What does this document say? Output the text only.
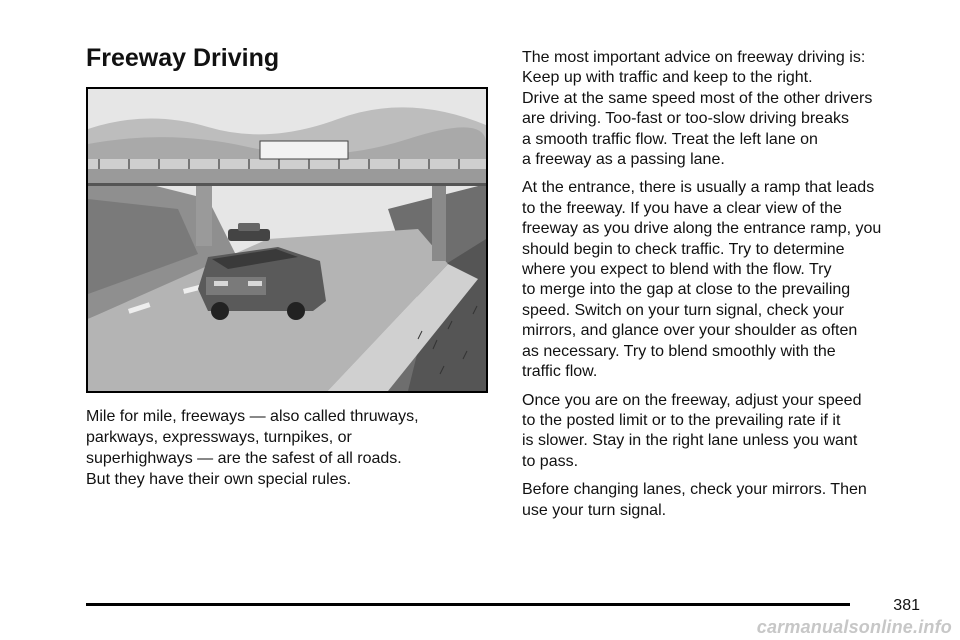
Freeway Driving

Mile for mile, freeways — also called thruways,
parkways, expressways, turnpikes, or
superhighways — are the safest of all roads.
But they have their own special rules.

The most important advice on freeway driving is:
Keep up with traffic and keep to the right.
Drive at the same speed most of the other drivers
are driving. Too-fast or too-slow driving breaks
a smooth traffic flow. Treat the left lane on
a freeway as a passing lane.

At the entrance, there is usually a ramp that leads
to the freeway. If you have a clear view of the
freeway as you drive along the entrance ramp, you
should begin to check traffic. Try to determine
where you expect to blend with the flow. Try
to merge into the gap at close to the prevailing
speed. Switch on your turn signal, check your
mirrors, and glance over your shoulder as often
as necessary. Try to blend smoothly with the
traffic flow.

Once you are on the freeway, adjust your speed
to the posted limit or to the prevailing rate if it
is slower. Stay in the right lane unless you want
to pass.

Before changing lanes, check your mirrors. Then
use your turn signal.

381
carmanualsonline.info
